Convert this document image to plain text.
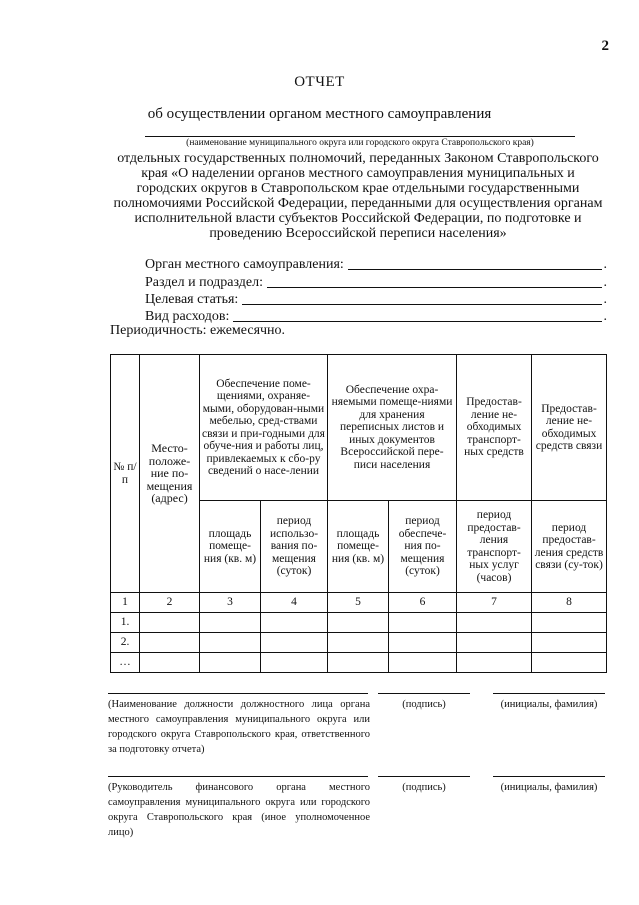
2
ОТЧЕТ
об осуществлении органом местного самоуправления
(наименование муниципального округа или городского округа Ставропольского края)
отдельных государственных полномочий, переданных Законом Ставропольского края «О наделении органов местного самоуправления муниципальных и городских округов в Ставропольском крае отдельными государственными полномочиями Российской Федерации, переданными для осуществления органам исполнительной власти субъектов Российской Федерации, по подготовке и проведению Всероссийской переписи населения»
Орган местного самоуправления:	.
Раздел и подраздел:	.
Целевая статья:	.
Вид расходов:	.
Периодичность: ежемесячно.
№ п/п	Место-положе-ние по-мещения (адрес)	Обеспечение поме-щениями, охраняе-мыми, оборудован-ными мебелью, сред-ствами связи и при-годными для обуче-ния и работы лиц, привлекаемых к сбо-ру сведений о насе-лении		Обеспечение охра-няемыми помеще-ниями для хранения переписных листов и иных документов Всероссийской пере-писи населения		Предостав-ление не-обходимых транспорт-ных средств	Предостав-ление не-обходимых средств связи
		площадь помеще-ния (кв. м)	период использо-вания по-мещения (суток)	площадь помеще-ния (кв. м)	период обеспече-ния по-мещения (суток)	период предостав-ления транспорт-ных услуг (часов)	период предостав-ления средств связи (су-ток)
1	2	3	4	5	6	7	8
1.							
2.							
…							
(Наименование должности должностного лица органа местного самоуправления муниципального округа или городского округа Ставропольского края, ответственного за подготовку отчета)
(подпись)	(инициалы, фамилия)
(Руководитель финансового органа местного самоуправления муниципального округа или городского округа Ставропольского края (иное уполномоченное лицо)
(подпись)	(инициалы, фамилия)
